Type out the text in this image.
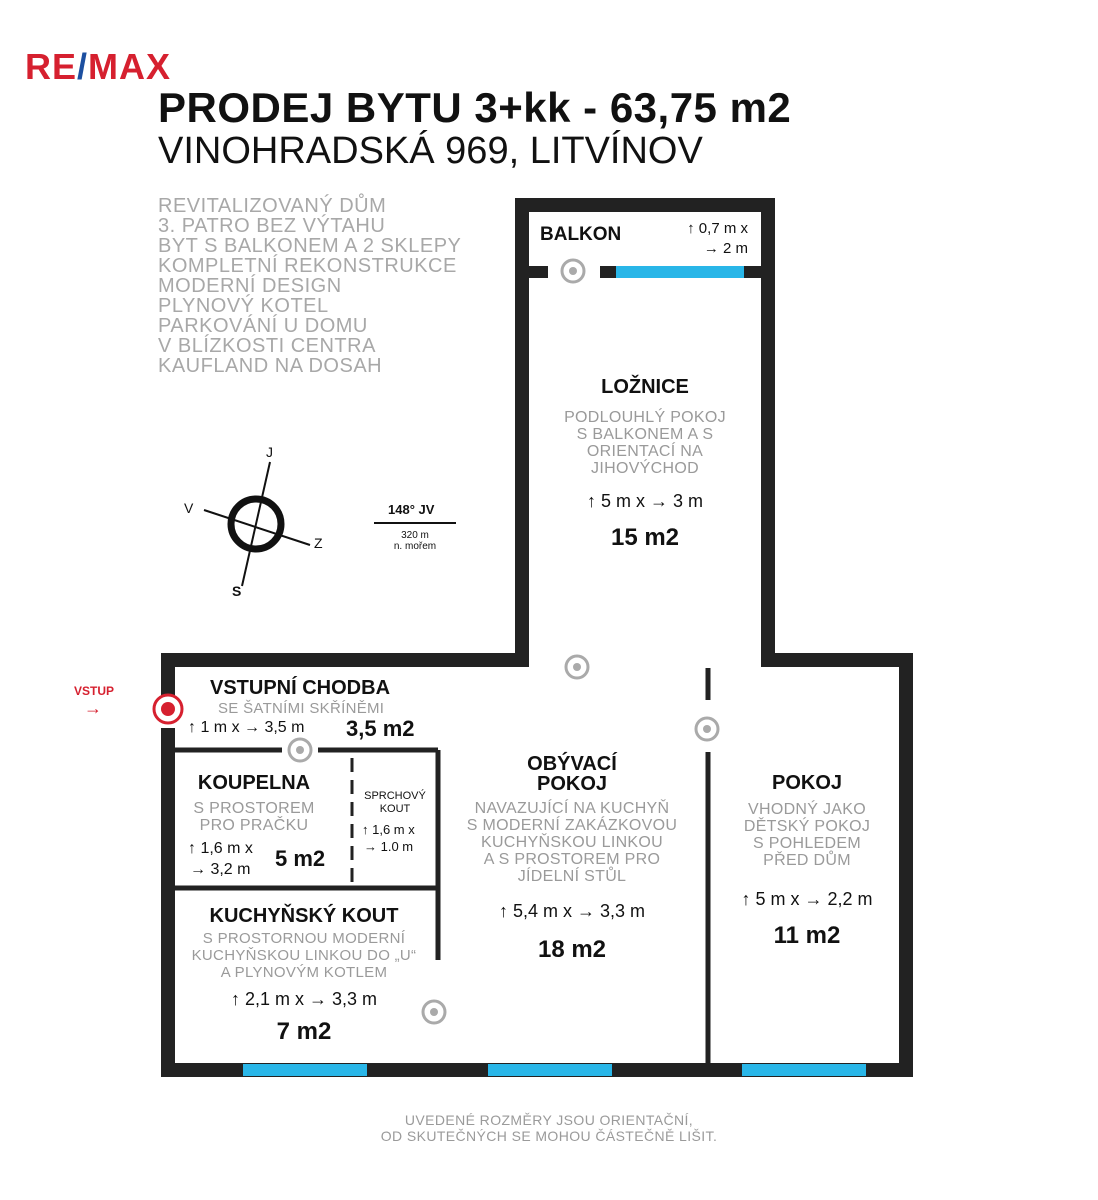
RE/MAX
PRODEJ BYTU 3+kk - 63,75 m2
VINOHRADSKÁ 969, LITVÍNOV
REVITALIZOVANÝ DŮM
3. PATRO BEZ VÝTAHU
BYT S BALKONEM A 2 SKLEPY
KOMPLETNÍ REKONSTRUKCE
MODERNÍ DESIGN
PLYNOVÝ KOTEL
PARKOVÁNÍ U DOMU
V BLÍZKOSTI CENTRA
KAUFLAND NA DOSAH
J
V
Z
S
148° JV
320 m
n. mořem
VSTUP
→
BALKON	↑ 0,7 m x
→ 2 m
LOŽNICE
PODLOUHLÝ POKOJ
S BALKONEM A S
ORIENTACÍ NA
JIHOVÝCHOD
↑ 5 m x → 3 m
15 m2
VSTUPNÍ CHODBA
SE ŠATNÍMI SKŘÍNĚMI
↑ 1 m x → 3,5 m 3,5 m2
KOUPELNA
S PROSTOREM
PRO PRAČKU
↑ 1,6 m x
→ 3,2 m 5 m2
SPRCHOVÝ
KOUT
↑ 1,6 m x
→ 1.0 m
KUCHYŇSKÝ KOUT
S PROSTORNOU MODERNÍ
KUCHYŇSKOU LINKOU DO „U“
A PLYNOVÝM KOTLEM
↑ 2,1 m x → 3,3 m
7 m2
OBÝVACÍ
POKOJ
NAVAZUJÍCÍ NA KUCHYŇ
S MODERNÍ ZAKÁZKOVOU
KUCHYŇSKOU LINKOU
A S PROSTOREM PRO
JÍDELNÍ STŮL
↑ 5,4 m x → 3,3 m
18 m2
POKOJ
VHODNÝ JAKO
DĚTSKÝ POKOJ
S POHLEDEM
PŘED DŮM
↑ 5 m x → 2,2 m
11 m2
UVEDENÉ ROZMĚRY JSOU ORIENTAČNÍ,
OD SKUTEČNÝCH SE MOHOU ČÁSTEČNĚ LIŠIT.
